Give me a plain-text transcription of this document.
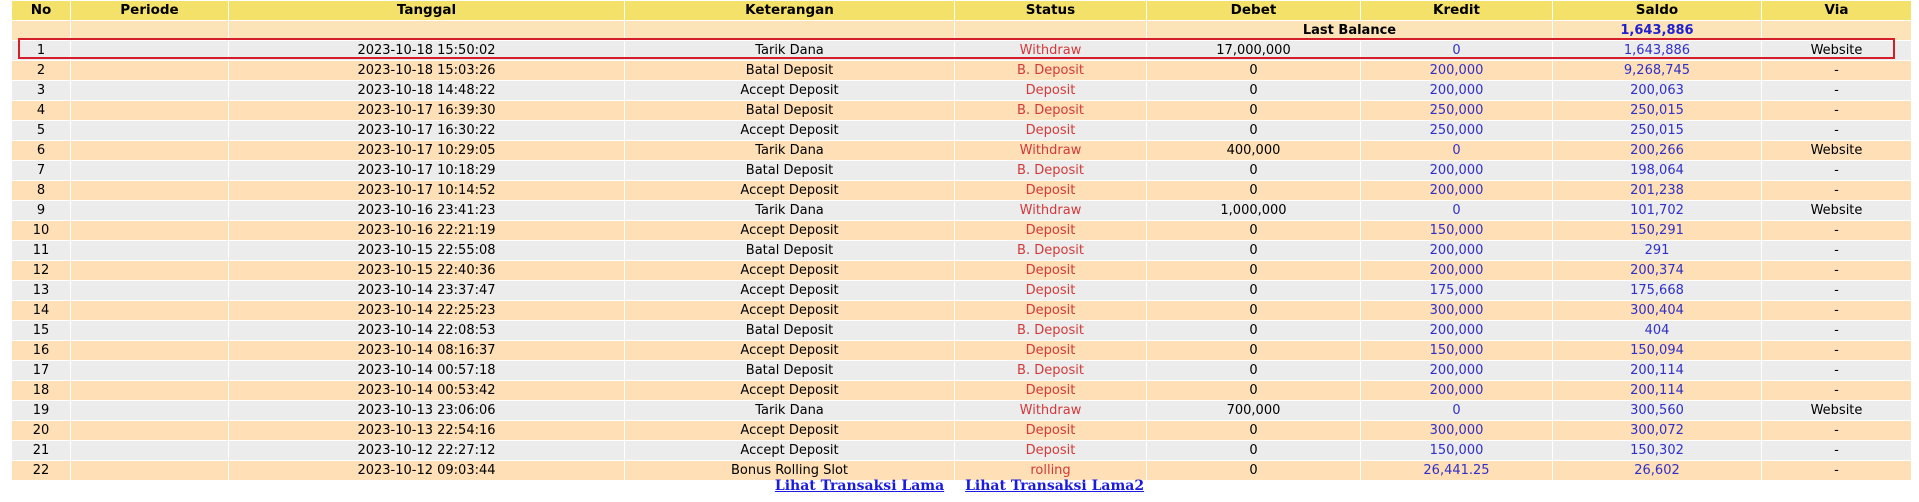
No	Periode	Tanggal	Keterangan	Status	Debet	Kredit	Saldo	Via
					Last Balance		1,643,886	
1		2023-10-18 15:50:02	Tarik Dana	Withdraw	17,000,000	0	1,643,886	Website
2		2023-10-18 15:03:26	Batal Deposit	B. Deposit	0	200,000	9,268,745	-
3		2023-10-18 14:48:22	Accept Deposit	Deposit	0	200,000	200,063	-
4		2023-10-17 16:39:30	Batal Deposit	B. Deposit	0	250,000	250,015	-
5		2023-10-17 16:30:22	Accept Deposit	Deposit	0	250,000	250,015	-
6		2023-10-17 10:29:05	Tarik Dana	Withdraw	400,000	0	200,266	Website
7		2023-10-17 10:18:29	Batal Deposit	B. Deposit	0	200,000	198,064	-
8		2023-10-17 10:14:52	Accept Deposit	Deposit	0	200,000	201,238	-
9		2023-10-16 23:41:23	Tarik Dana	Withdraw	1,000,000	0	101,702	Website
10		2023-10-16 22:21:19	Accept Deposit	Deposit	0	150,000	150,291	-
11		2023-10-15 22:55:08	Batal Deposit	B. Deposit	0	200,000	291	-
12		2023-10-15 22:40:36	Accept Deposit	Deposit	0	200,000	200,374	-
13		2023-10-14 23:37:47	Accept Deposit	Deposit	0	175,000	175,668	-
14		2023-10-14 22:25:23	Accept Deposit	Deposit	0	300,000	300,404	-
15		2023-10-14 22:08:53	Batal Deposit	B. Deposit	0	200,000	404	-
16		2023-10-14 08:16:37	Accept Deposit	Deposit	0	150,000	150,094	-
17		2023-10-14 00:57:18	Batal Deposit	B. Deposit	0	200,000	200,114	-
18		2023-10-14 00:53:42	Accept Deposit	Deposit	0	200,000	200,114	-
19		2023-10-13 23:06:06	Tarik Dana	Withdraw	700,000	0	300,560	Website
20		2023-10-13 22:54:16	Accept Deposit	Deposit	0	300,000	300,072	-
21		2023-10-12 22:27:12	Accept Deposit	Deposit	0	150,000	150,302	-
22		2023-10-12 09:03:44	Bonus Rolling Slot	rolling	0	26,441.25	26,602	-
Lihat Transaksi Lama Lihat Transaksi Lama2
